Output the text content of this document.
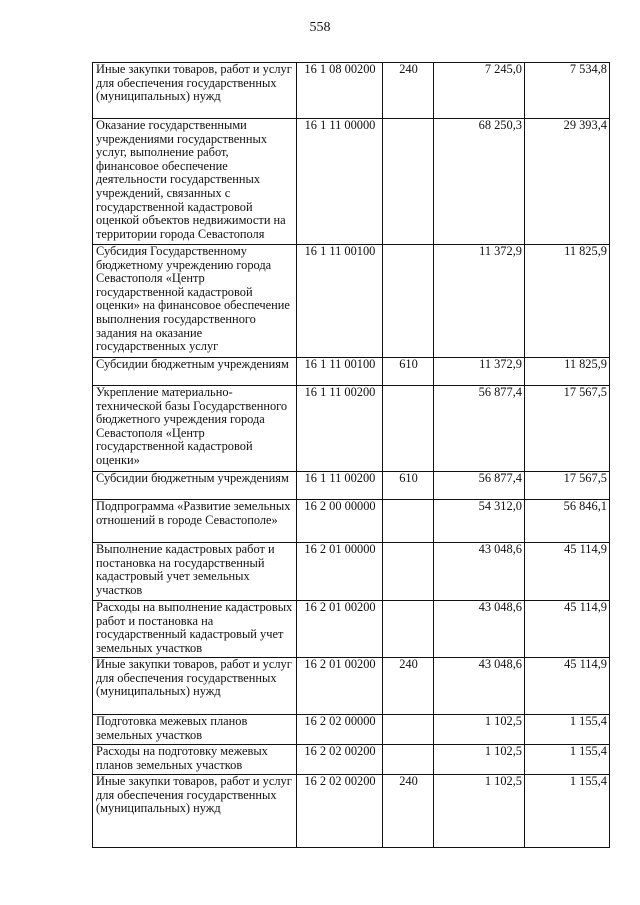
558
Иные закупки товаров, работ и услуг для обеспечения государственных (муниципальных) нужд	16 1 08 00200	240	7 245,0	7 534,8
Оказание государственными учреждениями государственных услуг, выполнение работ, финансовое обеспечение деятельности государственных учреждений, связанных с государственной кадастровой оценкой объектов недвижимости на территории города Севастополя	16 1 11 00000		68 250,3	29 393,4
Субсидия Государственному бюджетному учреждению города Севастополя «Центр государственной кадастровой оценки» на финансовое обеспечение выполнения государственного задания на оказание государственных услуг	16 1 11 00100		11 372,9	11 825,9
Субсидии бюджетным учреждениям	16 1 11 00100	610	11 372,9	11 825,9
Укрепление материально-технической базы Государственного бюджетного учреждения города Севастополя «Центр государственной кадастровой оценки»	16 1 11 00200		56 877,4	17 567,5
Субсидии бюджетным учреждениям	16 1 11 00200	610	56 877,4	17 567,5
Подпрограмма «Развитие земельных отношений в городе Севастополе»	16 2 00 00000		54 312,0	56 846,1
Выполнение кадастровых работ и постановка на государственный кадастровый учет земельных участков	16 2 01 00000		43 048,6	45 114,9
Расходы на выполнение кадастровых работ и постановка на государственный кадастровый учет земельных участков	16 2 01 00200		43 048,6	45 114,9
Иные закупки товаров, работ и услуг для обеспечения государственных (муниципальных) нужд	16 2 01 00200	240	43 048,6	45 114,9
Подготовка межевых планов земельных участков	16 2 02 00000		1 102,5	1 155,4
Расходы на подготовку межевых планов земельных участков	16 2 02 00200		1 102,5	1 155,4
Иные закупки товаров, работ и услуг для обеспечения государственных (муниципальных) нужд	16 2 02 00200	240	1 102,5	1 155,4
